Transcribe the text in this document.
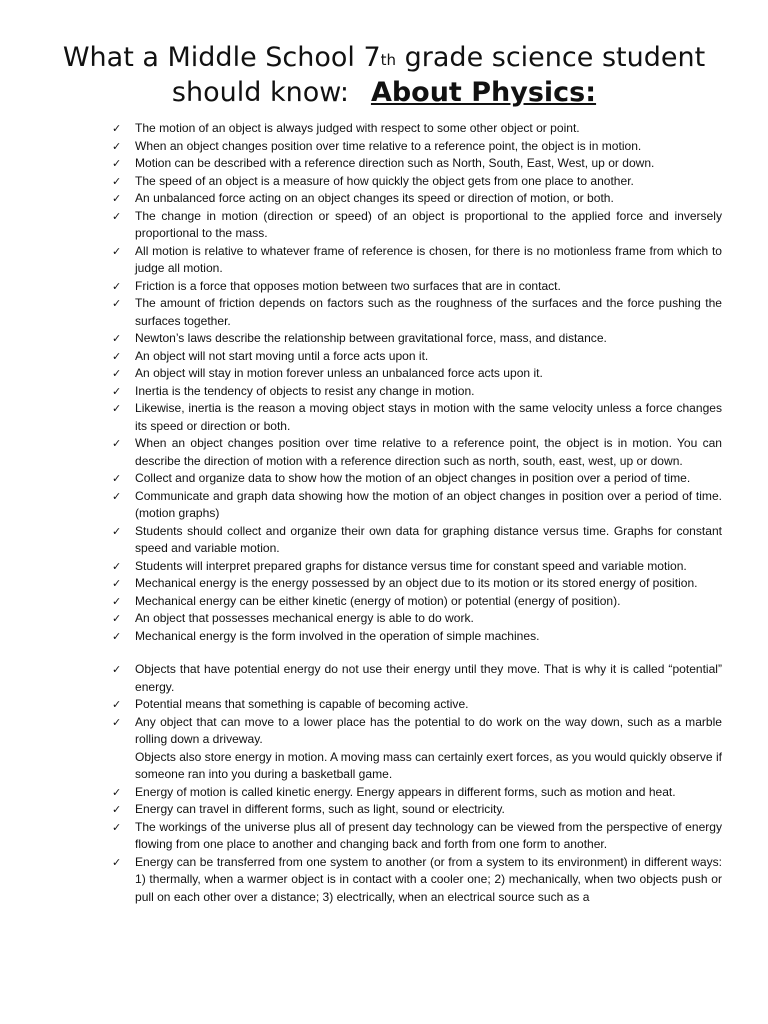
What a Middle School 7th grade science student
should know: About Physics:
✓ The motion of an object is always judged with respect to some other object or point.
✓ When an object changes position over time relative to a reference point, the object is in motion.
✓ Motion can be described with a reference direction such as North, South, East, West, up or down.
✓ The speed of an object is a measure of how quickly the object gets from one place to another.
✓ An unbalanced force acting on an object changes its speed or direction of motion, or both.
✓ The change in motion (direction or speed) of an object is proportional to the applied force and inversely proportional to the mass.
✓ All motion is relative to whatever frame of reference is chosen, for there is no motionless frame from which to judge all motion.
✓ Friction is a force that opposes motion between two surfaces that are in contact.
✓ The amount of friction depends on factors such as the roughness of the surfaces and the force pushing the surfaces together.
✓ Newton’s laws describe the relationship between gravitational force, mass, and distance.
✓ An object will not start moving until a force acts upon it.
✓ An object will stay in motion forever unless an unbalanced force acts upon it.
✓ Inertia is the tendency of objects to resist any change in motion.
✓ Likewise, inertia is the reason a moving object stays in motion with the same velocity unless a force changes its speed or direction or both.
✓ When an object changes position over time relative to a reference point, the object is in motion. You can describe the direction of motion with a reference direction such as north, south, east, west, up or down.
✓ Collect and organize data to show how the motion of an object changes in position over a period of time.
✓ Communicate and graph data showing how the motion of an object changes in position over a period of time. (motion graphs)
✓ Students should collect and organize their own data for graphing distance versus time. Graphs for constant speed and variable motion.
✓ Students will interpret prepared graphs for distance versus time for constant speed and variable motion.
✓ Mechanical energy is the energy possessed by an object due to its motion or its stored energy of position.
✓ Mechanical energy can be either kinetic (energy of motion) or potential (energy of position).
✓ An object that possesses mechanical energy is able to do work.
✓ Mechanical energy is the form involved in the operation of simple machines.
✓ Objects that have potential energy do not use their energy until they move. That is why it is called “potential” energy.
✓ Potential means that something is capable of becoming active.
✓ Any object that can move to a lower place has the potential to do work on the way down, such as a marble rolling down a driveway.
Objects also store energy in motion. A moving mass can certainly exert forces, as you would quickly observe if someone ran into you during a basketball game.
✓ Energy of motion is called kinetic energy. Energy appears in different forms, such as motion and heat.
✓ Energy can travel in different forms, such as light, sound or electricity.
✓ The workings of the universe plus all of present day technology can be viewed from the perspective of energy flowing from one place to another and changing back and forth from one form to another.
✓ Energy can be transferred from one system to another (or from a system to its environment) in different ways: 1) thermally, when a warmer object is in contact with a cooler one; 2) mechanically, when two objects push or pull on each other over a distance; 3) electrically, when an electrical source such as a
